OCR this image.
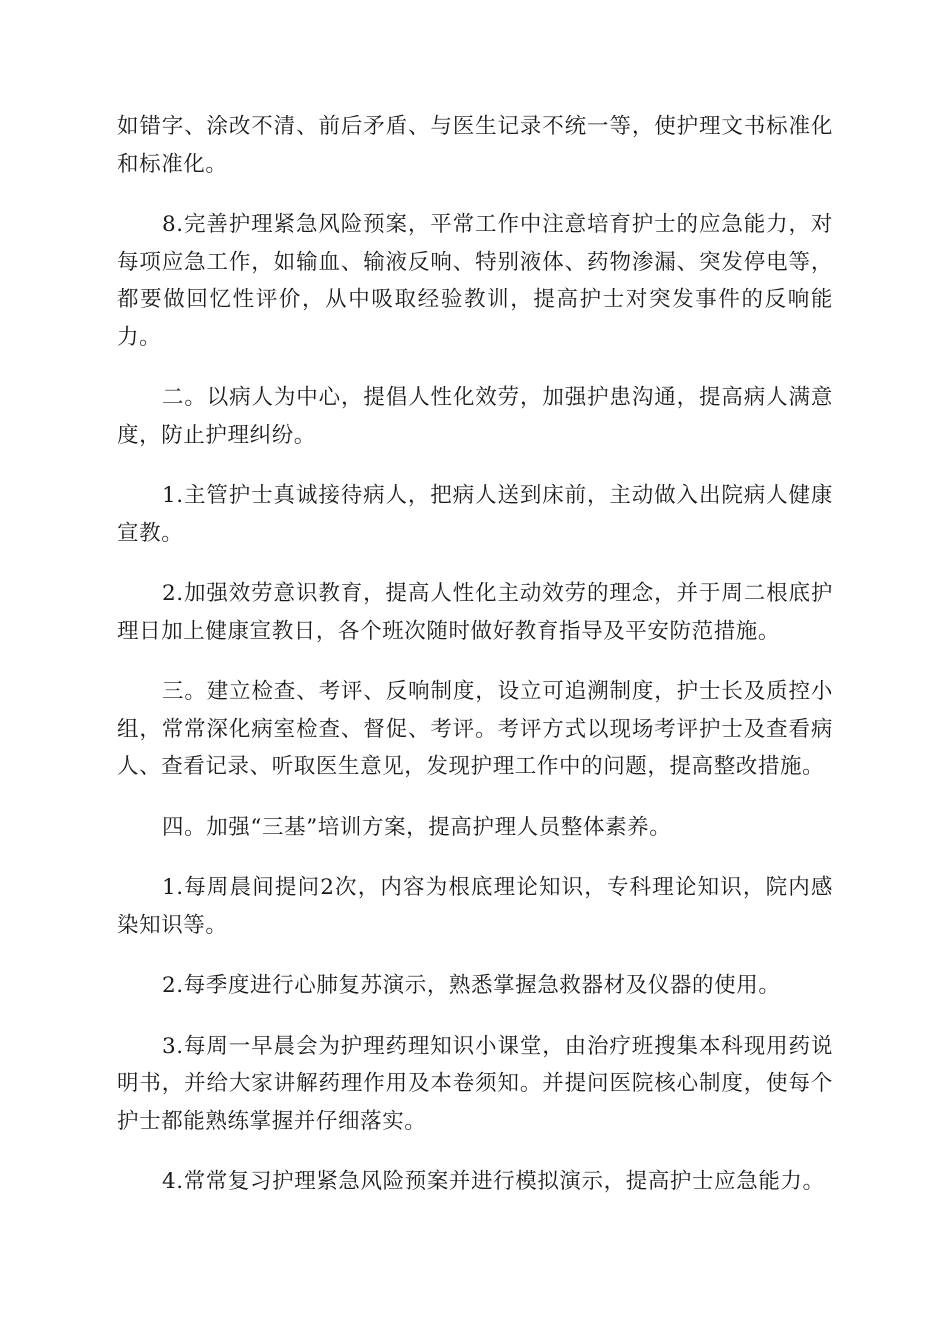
如错字、涂改不清、前后矛盾、与医生记录不统一等，使护理文书标准化和标准化。

8.完善护理紧急风险预案，平常工作中注意培育护士的应急能力，对每项应急工作，如输血、输液反响、特别液体、药物渗漏、突发停电等，都要做回忆性评价，从中吸取经验教训，提高护士对突发事件的反响能力。

二。以病人为中心，提倡人性化效劳，加强护患沟通，提高病人满意度，防止护理纠纷。

1.主管护士真诚接待病人，把病人送到床前，主动做入出院病人健康宣教。

2.加强效劳意识教育，提高人性化主动效劳的理念，并于周二根底护理日加上健康宣教日，各个班次随时做好教育指导及平安防范措施。

三。建立检查、考评、反响制度，设立可追溯制度，护士长及质控小组，常常深化病室检查、督促、考评。考评方式以现场考评护士及查看病人、查看记录、听取医生意见，发现护理工作中的问题，提高整改措施。

四。加强“三基”培训方案，提高护理人员整体素养。

1.每周晨间提问2次，内容为根底理论知识，专科理论知识，院内感染知识等。

2.每季度进行心肺复苏演示，熟悉掌握急救器材及仪器的使用。

3.每周一早晨会为护理药理知识小课堂，由治疗班搜集本科现用药说明书，并给大家讲解药理作用及本卷须知。并提问医院核心制度，使每个护士都能熟练掌握并仔细落实。

4.常常复习护理紧急风险预案并进行模拟演示，提高护士应急能力。
